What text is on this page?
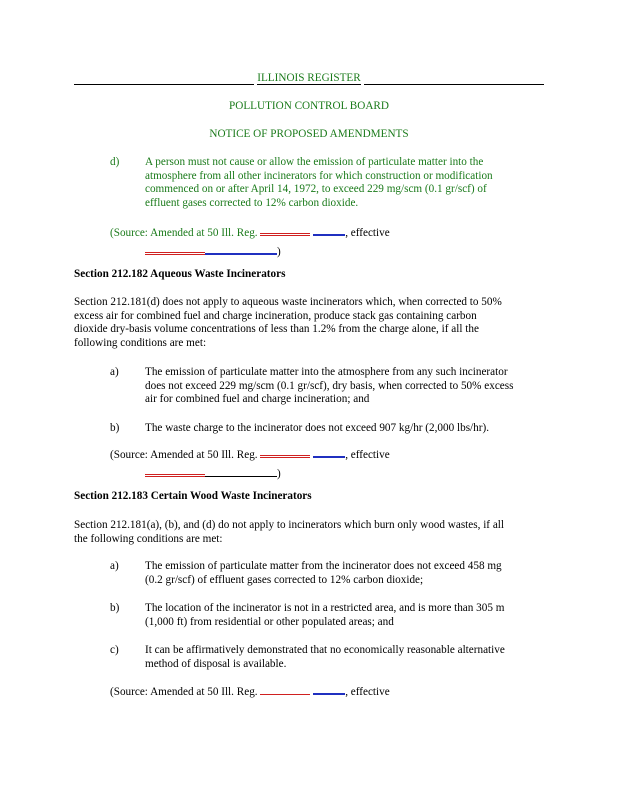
ILLINOIS REGISTER
POLLUTION CONTROL BOARD
NOTICE OF PROPOSED AMENDMENTS
d) A person must not cause or allow the emission of particulate matter into the
atmosphere from all other incinerators for which construction or modification
commenced on or after April 14, 1972, to exceed 229 mg/scm (0.1 gr/scf) of
effluent gases corrected to 12% carbon dioxide.
(Source: Amended at 50 Ill. Reg.	, effective
)
Section 212.182 Aqueous Waste Incinerators
Section 212.181(d) does not apply to aqueous waste incinerators which, when corrected to 50%
excess air for combined fuel and charge incineration, produce stack gas containing carbon
dioxide dry-basis volume concentrations of less than 1.2% from the charge alone, if all the
following conditions are met:
a) The emission of particulate matter into the atmosphere from any such incinerator
does not exceed 229 mg/scm (0.1 gr/scf), dry basis, when corrected to 50% excess
air for combined fuel and charge incineration; and
b) The waste charge to the incinerator does not exceed 907 kg/hr (2,000 lbs/hr).
(Source: Amended at 50 Ill. Reg.	, effective
)
Section 212.183 Certain Wood Waste Incinerators
Section 212.181(a), (b), and (d) do not apply to incinerators which burn only wood wastes, if all
the following conditions are met:
a) The emission of particulate matter from the incinerator does not exceed 458 mg
(0.2 gr/scf) of effluent gases corrected to 12% carbon dioxide;
b) The location of the incinerator is not in a restricted area, and is more than 305 m
(1,000 ft) from residential or other populated areas; and
c) It can be affirmatively demonstrated that no economically reasonable alternative
method of disposal is available.
(Source: Amended at 50 Ill. Reg.	, effective
